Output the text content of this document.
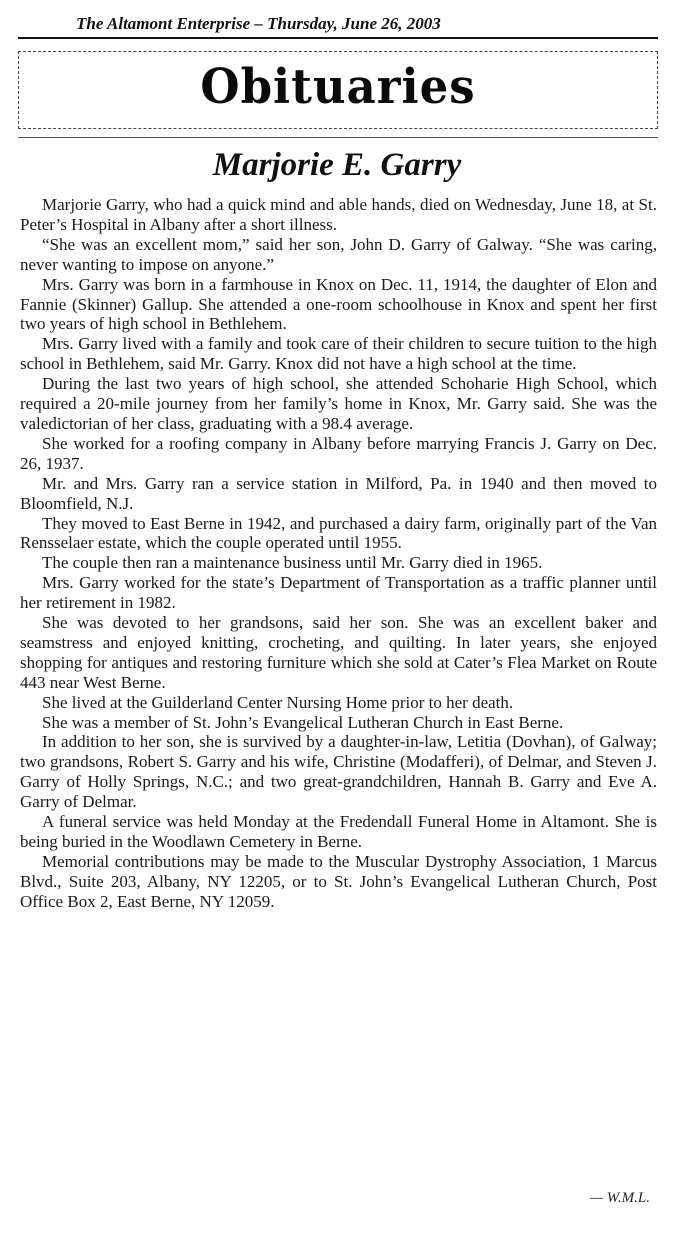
The Altamont Enterprise – Thursday, June 26, 2003
Obituaries
Marjorie E. Garry

Marjorie Garry, who had a quick mind and able hands, died on Wednesday, June 18, at St. Peter’s Hospital in Albany after a short illness.

“She was an excellent mom,” said her son, John D. Garry of Galway. “She was caring, never wanting to impose on anyone.”

Mrs. Garry was born in a farmhouse in Knox on Dec. 11, 1914, the daughter of Elon and Fannie (Skinner) Gallup. She attended a one-room schoolhouse in Knox and spent her first two years of high school in Bethlehem.

Mrs. Garry lived with a family and took care of their children to secure tuition to the high school in Bethlehem, said Mr. Garry. Knox did not have a high school at the time.

During the last two years of high school, she attended Schoharie High School, which required a 20-mile journey from her family’s home in Knox, Mr. Garry said. She was the valedictorian of her class, graduating with a 98.4 average.

She worked for a roofing company in Albany before marrying Francis J. Garry on Dec. 26, 1937.

Mr. and Mrs. Garry ran a service station in Milford, Pa. in 1940 and then moved to Bloomfield, N.J.

They moved to East Berne in 1942, and purchased a dairy farm, originally part of the Van Rensselaer estate, which the couple operated until 1955.

The couple then ran a maintenance business until Mr. Garry died in 1965.

Mrs. Garry worked for the state’s Department of Transportation as a traffic planner until her retirement in 1982.

She was devoted to her grandsons, said her son. She was an excellent baker and seamstress and enjoyed knitting, crocheting, and quilting. In later years, she enjoyed shopping for antiques and restoring furniture which she sold at Cater’s Flea Market on Route 443 near West Berne.

She lived at the Guilderland Center Nursing Home prior to her death.

She was a member of St. John’s Evangelical Lutheran Church in East Berne.

In addition to her son, she is survived by a daughter-in-law, Letitia (Dovhan), of Galway; two grandsons, Robert S. Garry and his wife, Christine (Modafferi), of Delmar, and Steven J. Garry of Holly Springs, N.C.; and two great-grandchildren, Hannah B. Garry and Eve A. Garry of Delmar.

A funeral service was held Monday at the Fredendall Funeral Home in Altamont. She is being buried in the Woodlawn Cemetery in Berne.

Memorial contributions may be made to the Muscular Dystrophy Association, 1 Marcus Blvd., Suite 203, Albany, NY 12205, or to St. John’s Evangelical Lutheran Church, Post Office Box 2, East Berne, NY 12059.

— W.M.L.
